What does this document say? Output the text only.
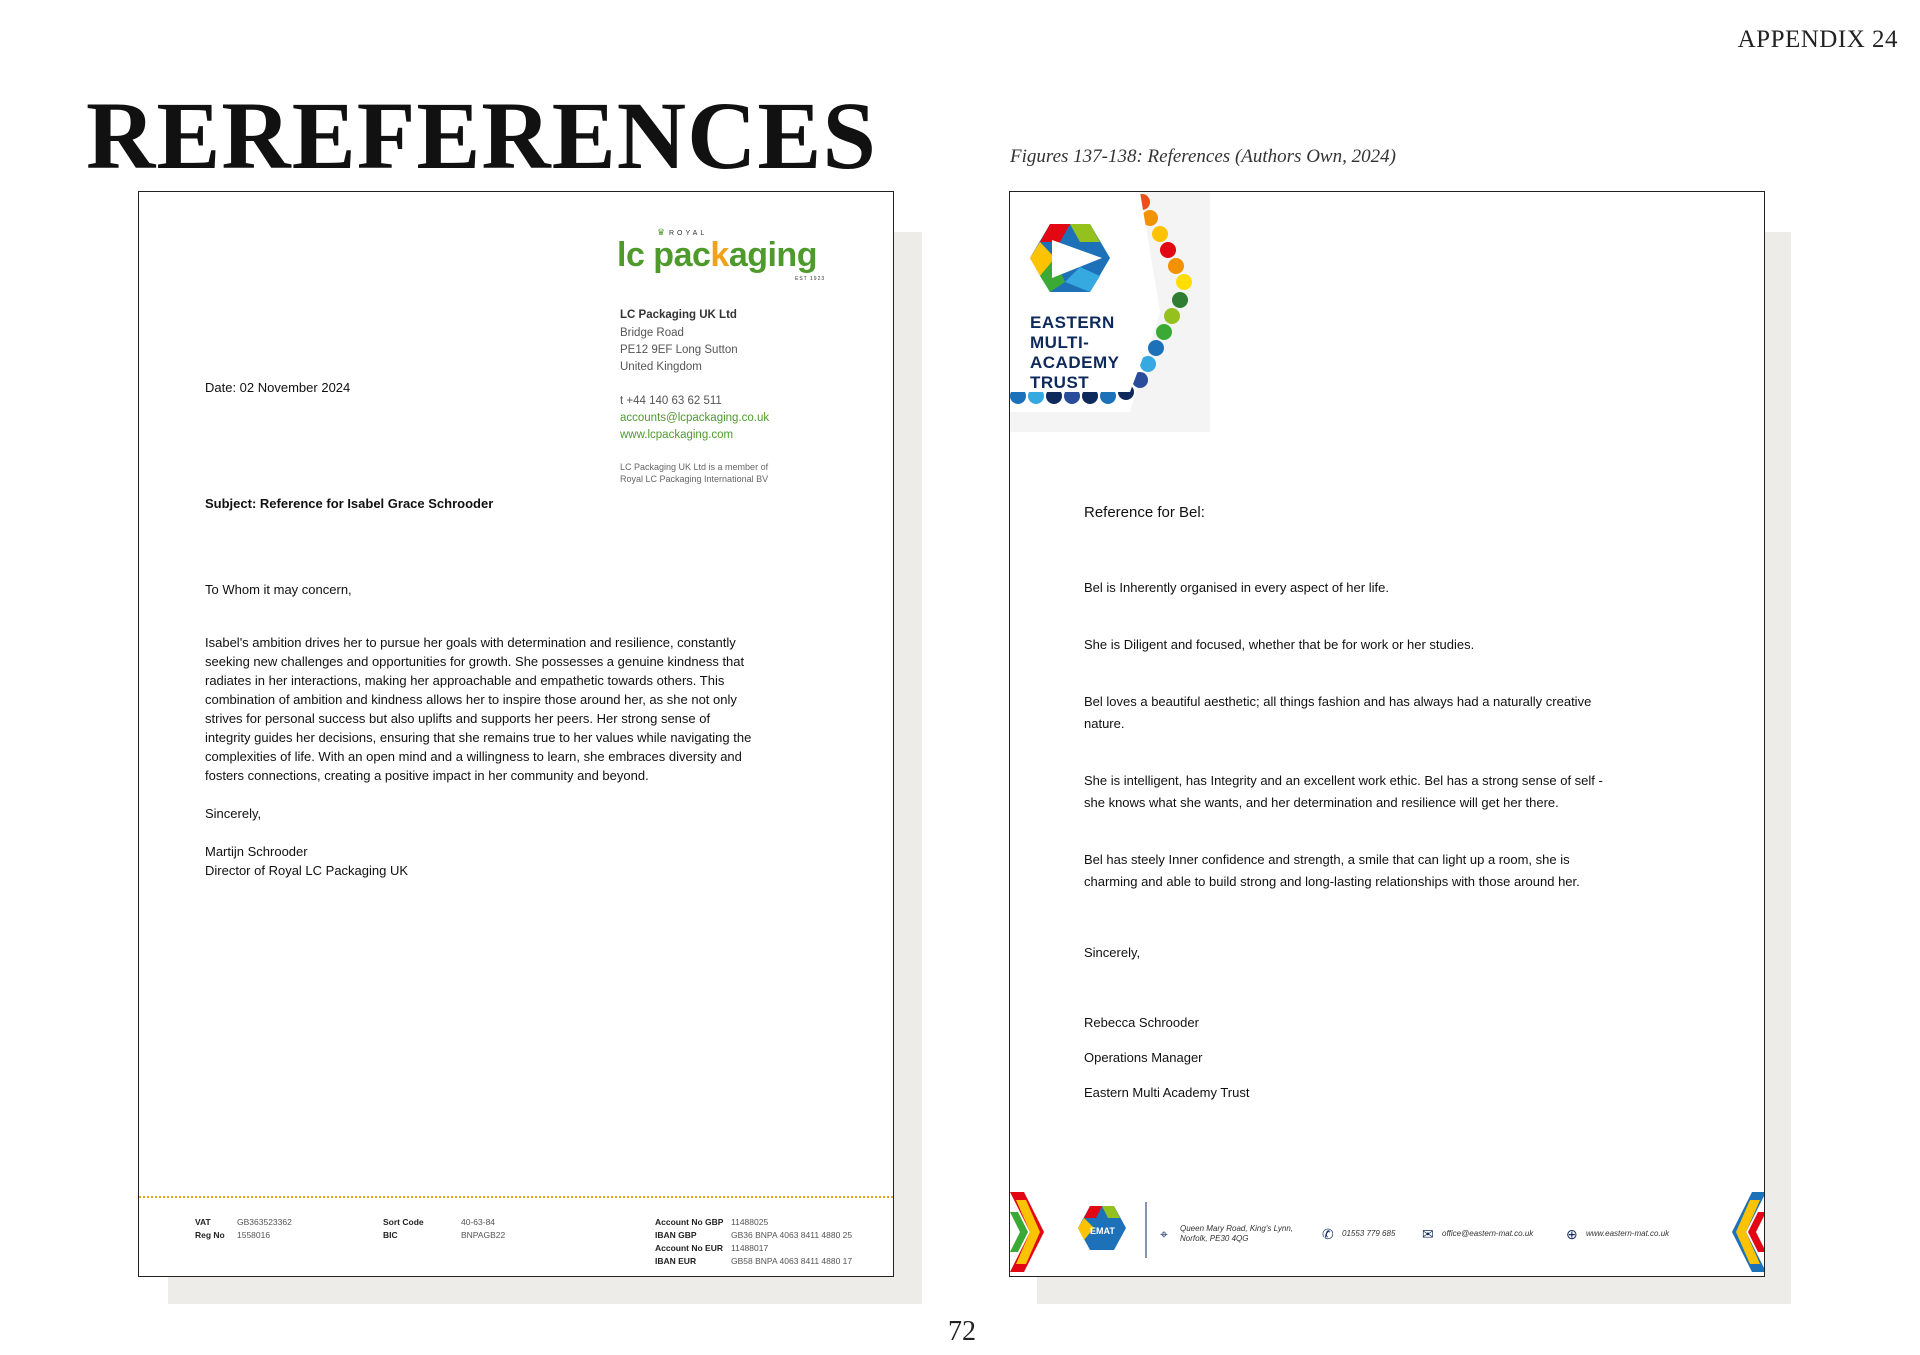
APPENDIX 24
REREFERENCES	Figures 137-138: References (Authors Own, 2024)
♛ ROYAL
lc packaging
EST 1923
LC Packaging UK Ltd
Bridge Road
PE12 9EF Long Sutton
United Kingdom
t +44 140 63 62 511
accounts@lcpackaging.co.uk
www.lcpackaging.com
LC Packaging UK Ltd is a member of
Royal LC Packaging International BV
Date: 02 November 2024
Subject: Reference for Isabel Grace Schrooder
To Whom it may concern,
Isabel's ambition drives her to pursue her goals with determination and resilience, constantly
seeking new challenges and opportunities for growth. She possesses a genuine kindness that
radiates in her interactions, making her approachable and empathetic towards others. This
combination of ambition and kindness allows her to inspire those around her, as she not only
strives for personal success but also uplifts and supports her peers. Her strong sense of
integrity guides her decisions, ensuring that she remains true to her values while navigating the
complexities of life. With an open mind and a willingness to learn, she embraces diversity and
fosters connections, creating a positive impact in her community and beyond.
Sincerely,
Martijn Schrooder
Director of Royal LC Packaging UK
VAT	GB363523362
Reg No 1558016
Sort Code	40-63-84
BIC	BNPAGB22
Account No GBP 11488025
IBAN GBP	GB36 BNPA 4063 8411 4880 25
Account No EUR 11488017
IBAN EUR	GB58 BNPA 4063 8411 4880 17
EASTERN
MULTI-
ACADEMY
TRUST
Reference for Bel:
Bel is Inherently organised in every aspect of her life.
She is Diligent and focused, whether that be for work or her studies.
Bel loves a beautiful aesthetic; all things fashion and has always had a naturally creative
nature.
She is intelligent, has Integrity and an excellent work ethic. Bel has a strong sense of self -
she knows what she wants, and her determination and resilience will get her there.
Bel has steely Inner confidence and strength, a smile that can light up a room, she is
charming and able to build strong and long-lasting relationships with those around her.
Sincerely,
Rebecca Schrooder
Operations Manager
Eastern Multi Academy Trust
EMAT	⌖ Queen Mary Road, King's Lynn,
Norfolk, PE30 4QG	✆ 01553 779 685 ✉ office@eastern-mat.co.uk ⊕ www.eastern-mat.co.uk
72
